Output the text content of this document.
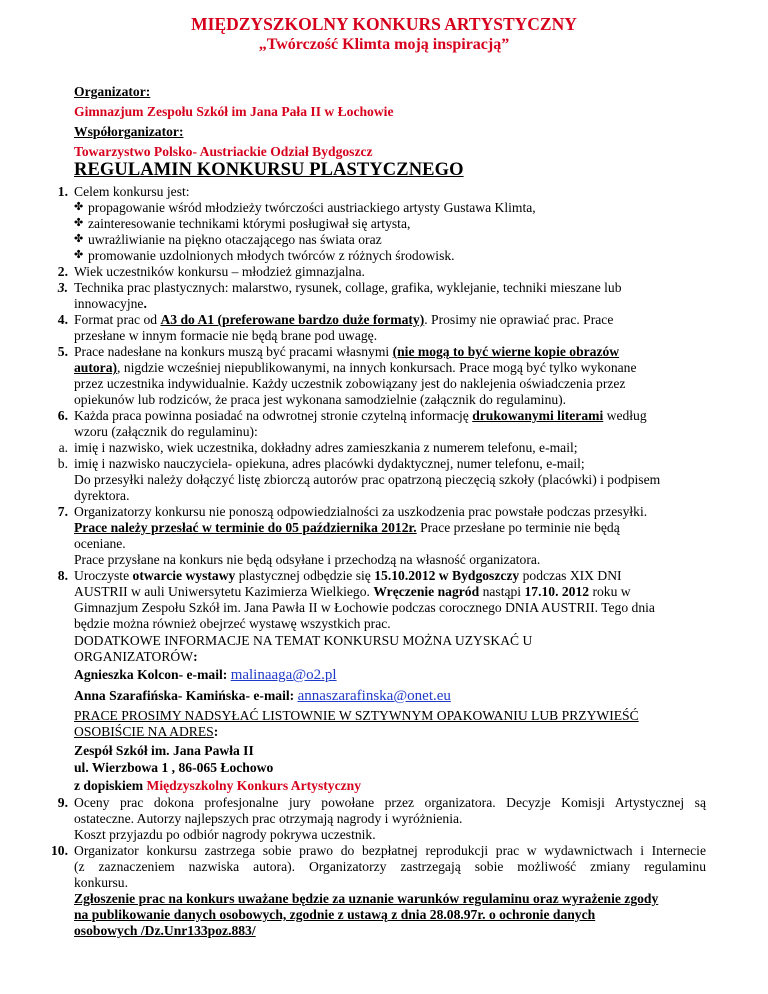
MIĘDZYSZKOLNY KONKURS ARTYSTYCZNY
„Twórczość Klimta moją inspiracją”
Organizator:
Gimnazjum Zespołu Szkół im Jana Pała II w Łochowie
Współorganizator:
Towarzystwo Polsko- Austriackie Odział Bydgoszcz
REGULAMIN KONKURSU PLASTYCZNEGO
1. Celem konkursu jest:
✤ propagowanie wśród młodzieży twórczości austriackiego artysty Gustawa Klimta,
✤ zainteresowanie technikami którymi posługiwał się artysta,
✤ uwrażliwianie na piękno otaczającego nas świata oraz
✤ promowanie uzdolnionych młodych twórców z różnych środowisk.
2. Wiek uczestników konkursu – młodzież gimnazjalna.
3. Technika prac plastycznych: malarstwo, rysunek, collage, grafika, wyklejanie, techniki mieszane lub
innowacyjne.
4. Format prac od A3 do A1 (preferowane bardzo duże formaty). Prosimy nie oprawiać prac. Prace
przesłane w innym formacie nie będą brane pod uwagę.
5. Prace nadesłane na konkurs muszą być pracami własnymi (nie mogą to być wierne kopie obrazów
autora), nigdzie wcześniej niepublikowanymi, na innych konkursach. Prace mogą być tylko wykonane
przez uczestnika indywidualnie. Każdy uczestnik zobowiązany jest do naklejenia oświadczenia przez
opiekunów lub rodziców, że praca jest wykonana samodzielnie (załącznik do regulaminu).
6. Każda praca powinna posiadać na odwrotnej stronie czytelną informację drukowanymi literami według
wzoru (załącznik do regulaminu):
a. imię i nazwisko, wiek uczestnika, dokładny adres zamieszkania z numerem telefonu, e-mail;
b. imię i nazwisko nauczyciela- opiekuna, adres placówki dydaktycznej, numer telefonu, e-mail;
Do przesyłki należy dołączyć listę zbiorczą autorów prac opatrzoną pieczęcią szkoły (placówki) i podpisem
dyrektora.
7. Organizatorzy konkursu nie ponoszą odpowiedzialności za uszkodzenia prac powstałe podczas przesyłki.
Prace należy przesłać w terminie do 05 października 2012r. Prace przesłane po terminie nie będą
oceniane.
Prace przysłane na konkurs nie będą odsyłane i przechodzą na własność organizatora.
8. Uroczyste otwarcie wystawy plastycznej odbędzie się 15.10.2012 w Bydgoszczy podczas XIX DNI
AUSTRII w auli Uniwersytetu Kazimierza Wielkiego. Wręczenie nagród nastąpi 17.10. 2012 roku w
Gimnazjum Zespołu Szkół im. Jana Pawła II w Łochowie podczas corocznego DNIA AUSTRII. Tego dnia
będzie można również obejrzeć wystawę wszystkich prac.
DODATKOWE INFORMACJE NA TEMAT KONKURSU MOŻNA UZYSKAĆ U
ORGANIZATORÓW:
Agnieszka Kolcon- e-mail: malinaaga@o2.pl
Anna Szarafińska- Kamińska- e-mail: annaszarafinska@onet.eu
PRACE PROSIMY NADSYŁAĆ LISTOWNIE W SZTYWNYM OPAKOWANIU LUB PRZYWIEŚĆ
OSOBIŚCIE NA ADRES:
Zespół Szkół im. Jana Pawła II
ul. Wierzbowa 1 , 86-065 Łochowo
z dopiskiem Międzyszkolny Konkurs Artystyczny
9. Oceny prac dokona profesjonalne jury powołane przez organizatora. Decyzje Komisji Artystycznej są
ostateczne. Autorzy najlepszych prac otrzymają nagrody i wyróżnienia.
Koszt przyjazdu po odbiór nagrody pokrywa uczestnik.
10. Organizator konkursu zastrzega sobie prawo do bezpłatnej reprodukcji prac w wydawnictwach i Internecie
(z zaznaczeniem nazwiska autora). Organizatorzy zastrzegają sobie możliwość zmiany regulaminu
konkursu.
Zgłoszenie prac na konkurs uważane będzie za uznanie warunków regulaminu oraz wyrażenie zgody
na publikowanie danych osobowych, zgodnie z ustawą z dnia 28.08.97r. o ochronie danych
osobowych /Dz.Unr133poz.883/
